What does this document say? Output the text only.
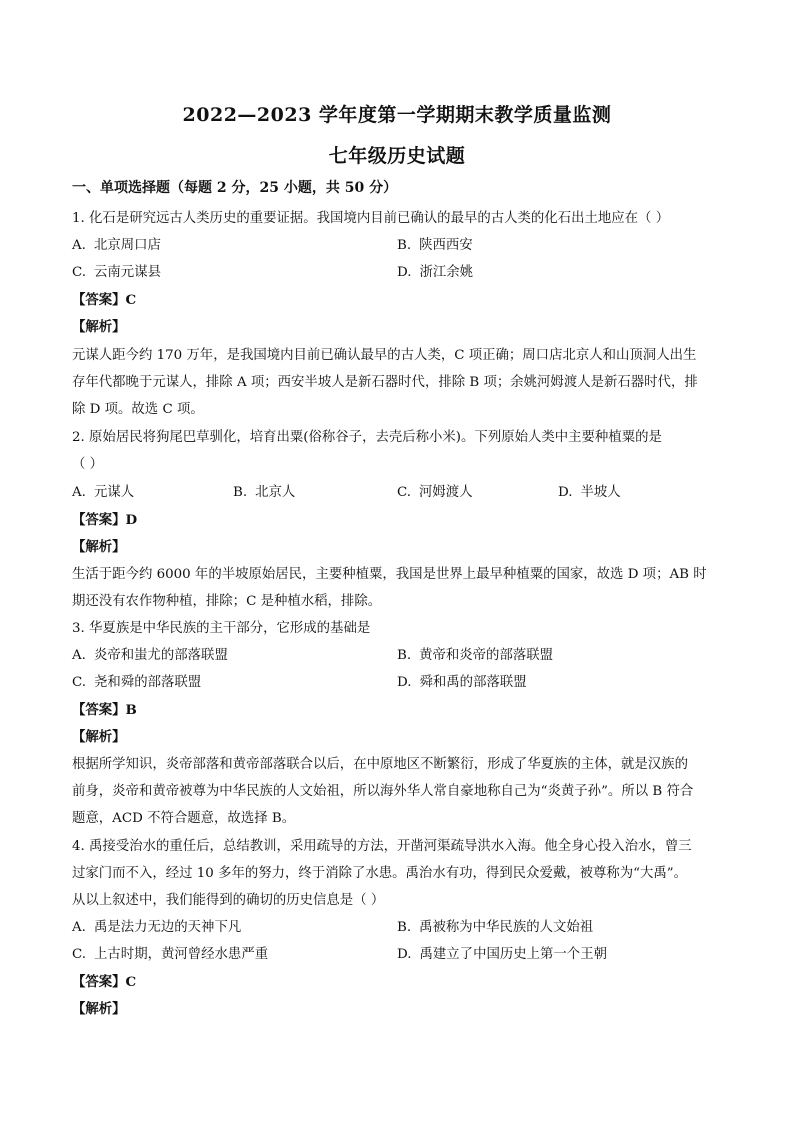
2022—2023 学年度第一学期期末教学质量监测
七年级历史试题
一、单项选择题（每题 2 分，25 小题，共 50 分）
1. 化石是研究远古人类历史的重要证据。我国境内目前已确认的最早的古人类的化石出土地应在（ ）
A. 北京周口店	B. 陕西西安
C. 云南元谋县	D. 浙江余姚
【答案】C
【解析】
元谋人距今约 170 万年，是我国境内目前已确认最早的古人类，C 项正确；周口店北京人和山顶洞人出生
存年代都晚于元谋人，排除 A 项；西安半坡人是新石器时代，排除 B 项；余姚河姆渡人是新石器时代，排
除 D 项。故选 C 项。
2. 原始居民将狗尾巴草驯化，培育出粟(俗称谷子，去壳后称小米)。下列原始人类中主要种植粟的是
（ ）
A. 元谋人	B. 北京人	C. 河姆渡人	D. 半坡人
【答案】D
【解析】
生活于距今约 6000 年的半坡原始居民，主要种植粟，我国是世界上最早种植粟的国家，故选 D 项；AB 时
期还没有农作物种植，排除；C 是种植水稻，排除。
3. 华夏族是中华民族的主干部分，它形成的基础是
A. 炎帝和蚩尤的部落联盟	B. 黄帝和炎帝的部落联盟
C. 尧和舜的部落联盟	D. 舜和禹的部落联盟
【答案】B
【解析】
根据所学知识，炎帝部落和黄帝部落联合以后，在中原地区不断繁衍，形成了华夏族的主体，就是汉族的
前身，炎帝和黄帝被尊为中华民族的人文始祖，所以海外华人常自豪地称自己为“炎黄子孙”。所以 B 符合
题意，ACD 不符合题意，故选择 B。
4. 禹接受治水的重任后，总结教训，采用疏导的方法，开凿河渠疏导洪水入海。他全身心投入治水，曾三
过家门而不入，经过 10 多年的努力，终于消除了水患。禹治水有功，得到民众爱戴，被尊称为“大禹”。
从以上叙述中，我们能得到的确切的历史信息是（ ）
A. 禹是法力无边的天神下凡	B. 禹被称为中华民族的人文始祖
C. 上古时期，黄河曾经水患严重	D. 禹建立了中国历史上第一个王朝
【答案】C
【解析】
